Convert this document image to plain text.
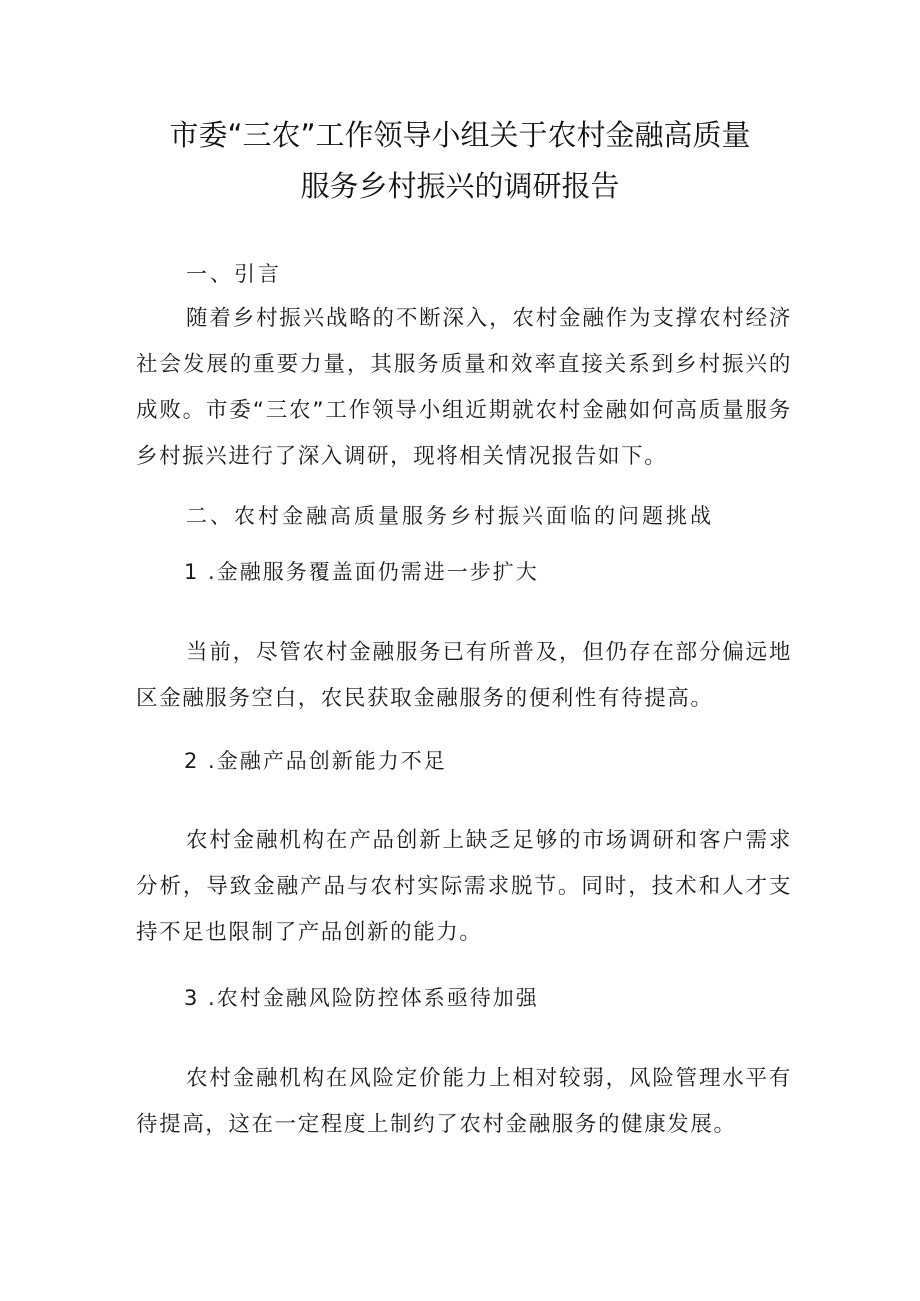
市委“三农”工作领导小组关于农村金融高质量
服务乡村振兴的调研报告
一、引言
随着乡村振兴战略的不断深入，农村金融作为支撑农村经济社会发展的重要力量，其服务质量和效率直接关系到乡村振兴的成败。市委“三农”工作领导小组近期就农村金融如何高质量服务乡村振兴进行了深入调研，现将相关情况报告如下。
二、农村金融高质量服务乡村振兴面临的问题挑战
1 .金融服务覆盖面仍需进一步扩大
当前，尽管农村金融服务已有所普及，但仍存在部分偏远地区金融服务空白，农民获取金融服务的便利性有待提高。
2 .金融产品创新能力不足
农村金融机构在产品创新上缺乏足够的市场调研和客户需求分析，导致金融产品与农村实际需求脱节。同时，技术和人才支持不足也限制了产品创新的能力。
3 .农村金融风险防控体系亟待加强
农村金融机构在风险定价能力上相对较弱，风险管理水平有待提高，这在一定程度上制约了农村金融服务的健康发展。
